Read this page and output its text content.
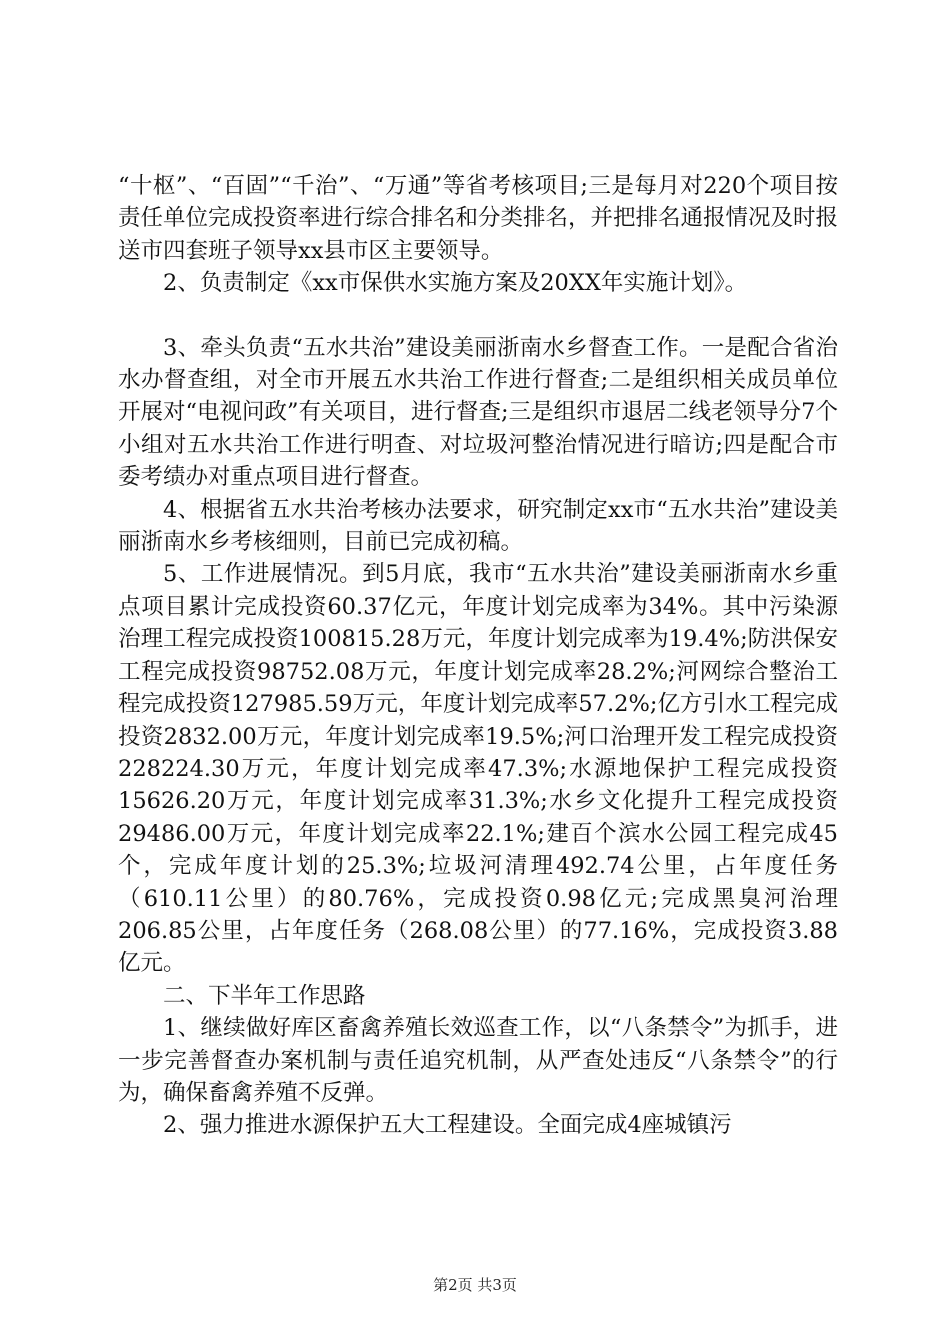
“十枢”、“百固”“千治”、“万通”等省考核项目;三是每月对220个项目按责任单位完成投资率进行综合排名和分类排名，并把排名通报情况及时报送市四套班子领导xx县市区主要领导。

2、负责制定《xx市保供水实施方案及20XX年实施计划》。

3、牵头负责“五水共治”建设美丽浙南水乡督查工作。一是配合省治水办督查组，对全市开展五水共治工作进行督查;二是组织相关成员单位开展对“电视问政”有关项目，进行督查;三是组织市退居二线老领导分7个小组对五水共治工作进行明查、对垃圾河整治情况进行暗访;四是配合市委考绩办对重点项目进行督查。

4、根据省五水共治考核办法要求，研究制定xx市“五水共治”建设美丽浙南水乡考核细则，目前已完成初稿。

5、工作进展情况。到5月底，我市“五水共治”建设美丽浙南水乡重点项目累计完成投资60.37亿元，年度计划完成率为34%。其中污染源治理工程完成投资100815.28万元，年度计划完成率为19.4%;防洪保安工程完成投资98752.08万元，年度计划完成率28.2%;河网综合整治工程完成投资127985.59万元，年度计划完成率57.2%;亿方引水工程完成投资2832.00万元，年度计划完成率19.5%;河口治理开发工程完成投资228224.30万元，年度计划完成率47.3%;水源地保护工程完成投资15626.20万元，年度计划完成率31.3%;水乡文化提升工程完成投资29486.00万元，年度计划完成率22.1%;建百个滨水公园工程完成45个，完成年度计划的25.3%;垃圾河清理492.74公里，占年度任务（610.11公里）的80.76%，完成投资0.98亿元;完成黑臭河治理206.85公里，占年度任务（268.08公里）的77.16%，完成投资3.88亿元。

二、下半年工作思路

1、继续做好库区畜禽养殖长效巡查工作，以“八条禁令”为抓手，进一步完善督查办案机制与责任追究机制，从严查处违反“八条禁令”的行为，确保畜禽养殖不反弹。

2、强力推进水源保护五大工程建设。全面完成4座城镇污

第2页 共3页
